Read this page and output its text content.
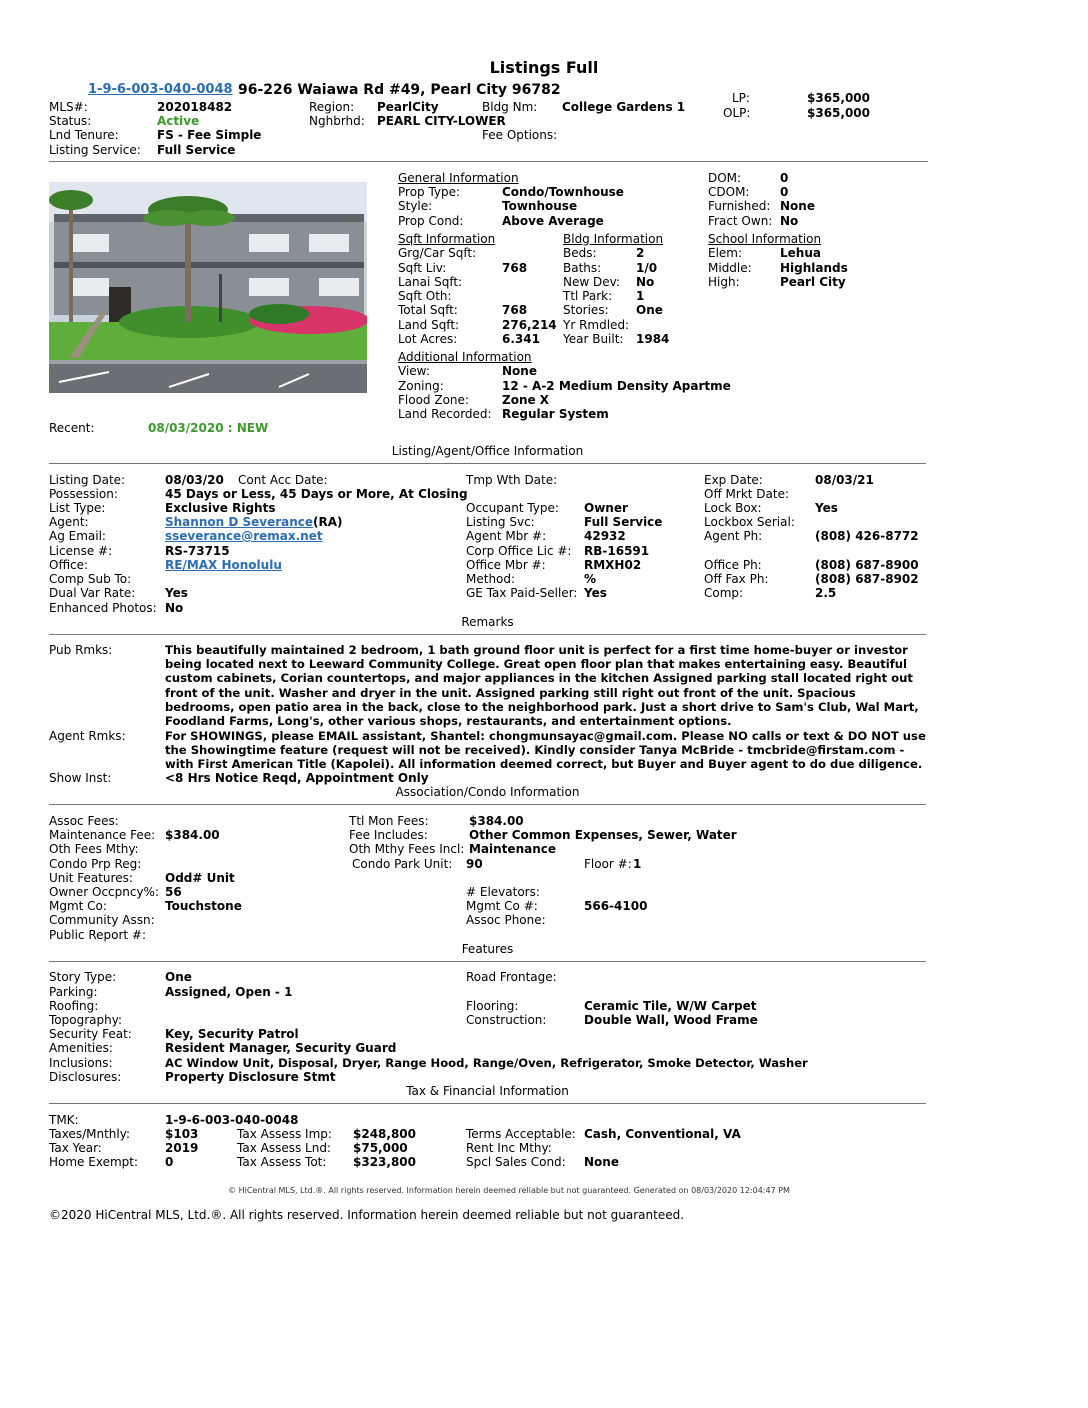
Listings Full
1-9-6-003-040-0048 96-226 Waiawa Rd #49, Pearl City 96782
MLS#:	202018482
Status:	Active
Lnd Tenure:	FS - Fee Simple
Listing Service: Full Service
Region: PearlCity
Nghbrhd: PEARL CITY-LOWER
Bldg Nm: College Gardens 1
Fee Options:
LP:	$365,000
OLP:	$365,000
General Information
Prop Type:	Condo/Townhouse
Style:	Townhouse
Prop Cond:	Above Average
DOM:	0
CDOM:	0
Furnished: None
Fract Own: No
Sqft Information
Grg/Car Sqft:
Sqft Liv:	768
Lanai Sqft:
Sqft Oth:
Total Sqft:	768
Land Sqft:	276,214
Lot Acres:	6.341
Bldg Information
Beds:	2
Baths:	1/0
New Dev: No
Ttl Park: 1
Stories: One
Yr Rmdled:
Year Built: 1984
School Information
Elem:	Lehua
Middle: Highlands
High:	Pearl City
Additional Information
View:	None
Zoning:	12 - A-2 Medium Density Apartme
Flood Zone:	Zone X
Land Recorded: Regular System
Recent:	08/03/2020 : NEW
Listing/Agent/Office Information
Listing Date:	08/03/20 Cont Acc Date:
Possession:	45 Days or Less, 45 Days or More, At Closing
List Type:	Exclusive Rights
Agent:	Shannon D Severance(RA)
Ag Email:	sseverance@remax.net
License #:	RS-73715
Office:	RE/MAX Honolulu
Comp Sub To:
Dual Var Rate: Yes
Enhanced Photos: No
Tmp Wth Date:
Occupant Type: Owner
Listing Svc:	Full Service
Agent Mbr #:	42932
Corp Office Lic #: RB-16591
Office Mbr #:	RMXH02
Method:	%
GE Tax Paid-Seller: Yes
Exp Date:	08/03/21
Off Mrkt Date:
Lock Box:	Yes
Lockbox Serial:
Agent Ph:	(808) 426-8772
Office Ph:	(808) 687-8900
Off Fax Ph:	(808) 687-8902
Comp:	2.5
Remarks
Pub Rmks:	This beautifully maintained 2 bedroom, 1 bath ground floor unit is perfect for a first time home-buyer or investor being located next to Leeward Community College. Great open floor plan that makes entertaining easy. Beautiful custom cabinets, Corian countertops, and major appliances in the kitchen Assigned parking stall located right out front of the unit. Washer and dryer in the unit. Assigned parking still right out front of the unit. Spacious bedrooms, open patio area in the back, close to the neighborhood park. Just a short drive to Sam's Club, Wal Mart, Foodland Farms, Long's, other various shops, restaurants, and entertainment options.
Agent Rmks:	For SHOWINGS, please EMAIL assistant, Shantel: chongmunsayac@gmail.com. Please NO calls or text & DO NOT use the Showingtime feature (request will not be received). Kindly consider Tanya McBride - tmcbride@firstam.com - with First American Title (Kapolei). All information deemed correct, but Buyer and Buyer agent to do due diligence.
Show Inst:	<8 Hrs Notice Reqd, Appointment Only
Association/Condo Information
Assoc Fees:
Maintenance Fee: $384.00
Oth Fees Mthy:
Condo Prp Reg:
Unit Features:	Odd# Unit
Owner Occpncy%: 56
Mgmt Co:	Touchstone
Community Assn:
Public Report #:
Ttl Mon Fees:	$384.00
Fee Includes:	Other Common Expenses, Sewer, Water
Oth Mthy Fees Incl: Maintenance
Condo Park Unit: 90	Floor #: 1
# Elevators:
Mgmt Co #:	566-4100
Assoc Phone:
Features
Story Type:	One
Parking:	Assigned, Open - 1
Roofing:
Topography:
Security Feat:	Key, Security Patrol
Amenities:	Resident Manager, Security Guard
Inclusions:	AC Window Unit, Disposal, Dryer, Range Hood, Range/Oven, Refrigerator, Smoke Detector, Washer
Disclosures:	Property Disclosure Stmt
Road Frontage:
Flooring:	Ceramic Tile, W/W Carpet
Construction:	Double Wall, Wood Frame
Tax & Financial Information
TMK:	1-9-6-003-040-0048
Taxes/Mnthly:	$103
Tax Year:	2019
Home Exempt: 0
Tax Assess Imp: $248,800
Tax Assess Lnd: $75,000
Tax Assess Tot: $323,800
Terms Acceptable: Cash, Conventional, VA
Rent Inc Mthy:
Spcl Sales Cond: None
© HiCentral MLS, Ltd.®. All rights reserved. Information herein deemed reliable but not guaranteed. Generated on 08/03/2020 12:04:47 PM
©2020 HiCentral MLS, Ltd.®. All rights reserved. Information herein deemed reliable but not guaranteed.
